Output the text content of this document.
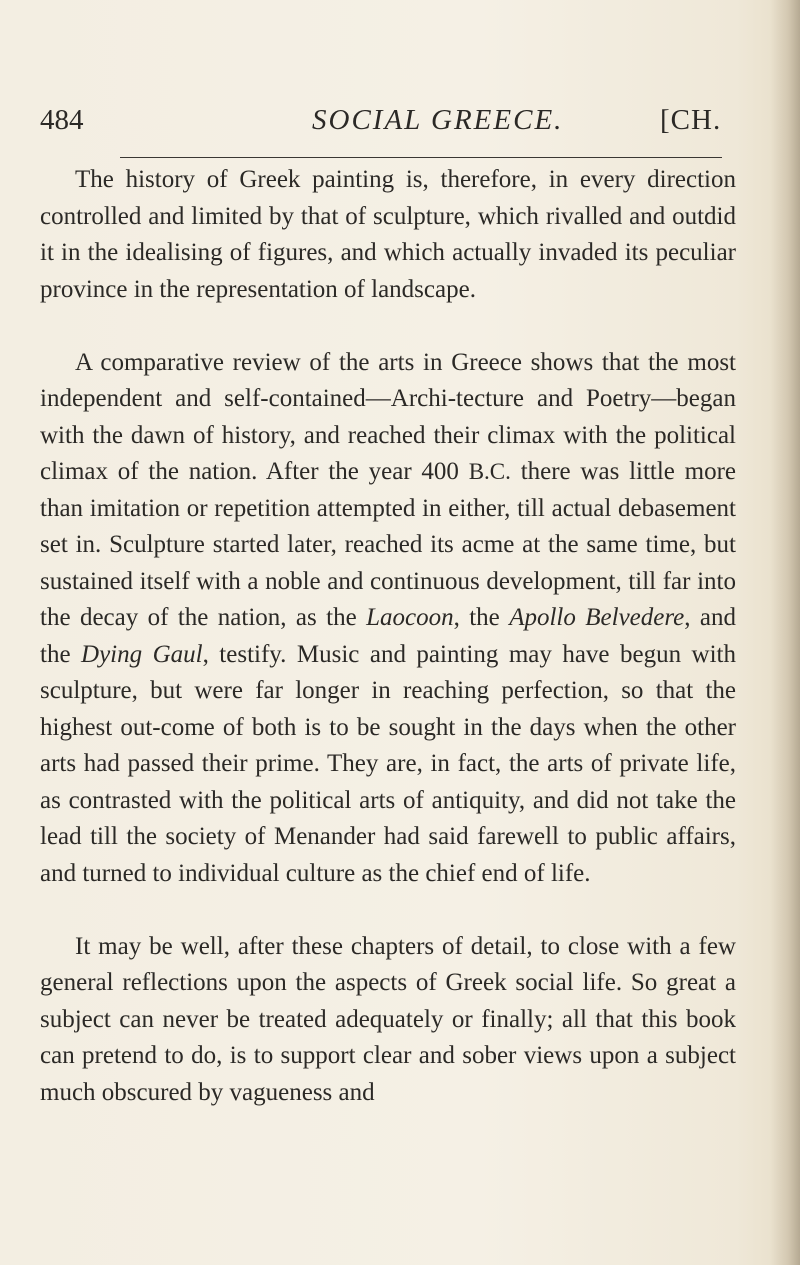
484	SOCIAL GREECE.	[CH.

The history of Greek painting is, therefore, in every direction controlled and limited by that of sculpture, which rivalled and outdid it in the idealising of figures, and which actually invaded its peculiar province in the representation of landscape.

A comparative review of the arts in Greece shows that the most independent and self-contained—Archi-tecture and Poetry—began with the dawn of history, and reached their climax with the political climax of the nation. After the year 400 B.C. there was little more than imitation or repetition attempted in either, till actual debasement set in. Sculpture started later, reached its acme at the same time, but sustained itself with a noble and continuous development, till far into the decay of the nation, as the Laocoon, the Apollo Belvedere, and the Dying Gaul, testify. Music and painting may have begun with sculpture, but were far longer in reaching perfection, so that the highest out-come of both is to be sought in the days when the other arts had passed their prime. They are, in fact, the arts of private life, as contrasted with the political arts of antiquity, and did not take the lead till the society of Menander had said farewell to public affairs, and turned to individual culture as the chief end of life.

It may be well, after these chapters of detail, to close with a few general reflections upon the aspects of Greek social life. So great a subject can never be treated adequately or finally; all that this book can pretend to do, is to support clear and sober views upon a subject much obscured by vagueness and
